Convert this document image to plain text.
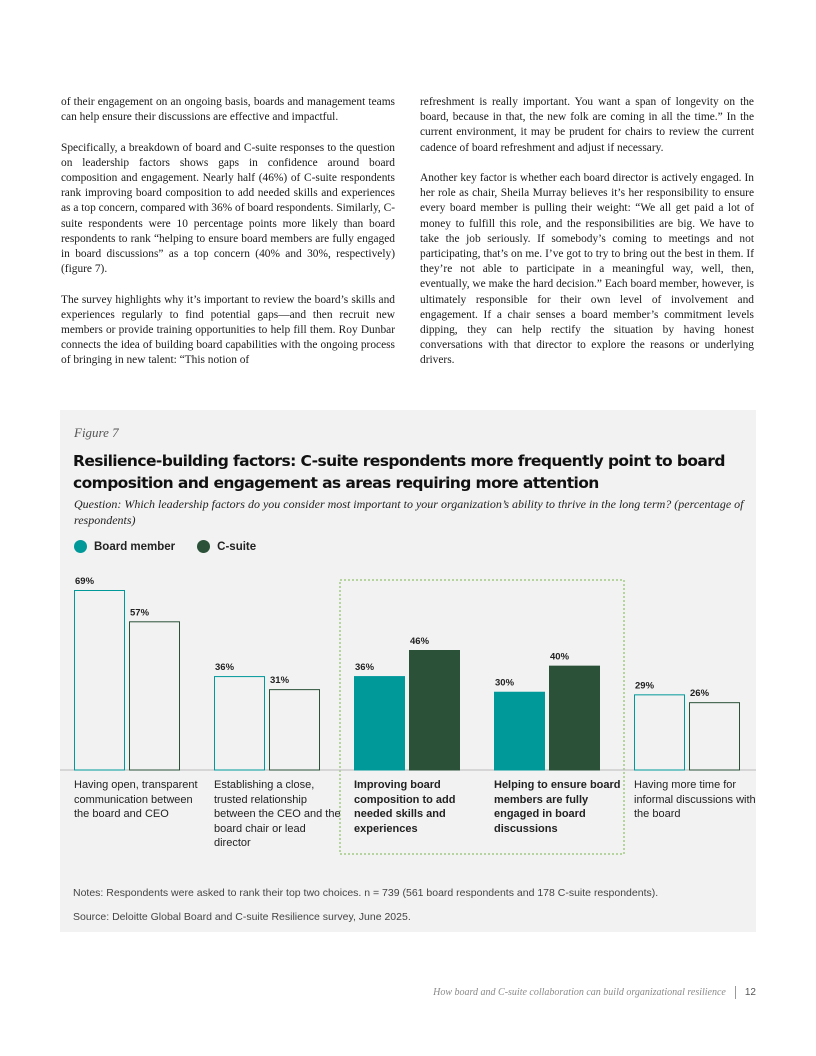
of their engagement on an ongoing basis, boards and management teams can help ensure their discussions are effective and impactful.

Specifically, a breakdown of board and C-suite responses to the question on leadership factors shows gaps in confidence around board composition and engagement. Nearly half (46%) of C-suite respondents rank improving board composition to add needed skills and experiences as a top concern, compared with 36% of board respondents. Similarly, C-suite respondents were 10 percentage points more likely than board respondents to rank “helping to ensure board members are fully engaged in board discussions” as a top concern (40% and 30%, respectively) (figure 7).

The survey highlights why it’s important to review the board’s skills and experiences regularly to find potential gaps—and then recruit new members or provide training opportunities to help fill them. Roy Dunbar connects the idea of building board capabilities with the ongoing process of bringing in new talent: “This notion of

refreshment is really important. You want a span of longevity on the board, because in that, the new folk are coming in all the time.” In the current environment, it may be prudent for chairs to review the current cadence of board refreshment and adjust if necessary.

Another key factor is whether each board director is actively engaged. In her role as chair, Sheila Murray believes it’s her responsibility to ensure every board member is pulling their weight: “We all get paid a lot of money to fulfill this role, and the responsibilities are big. We have to take the job seriously. If somebody’s coming to meetings and not participating, that’s on me. I’ve got to try to bring out the best in them. If they’re not able to participate in a meaningful way, well, then, eventually, we make the hard decision.” Each board member, however, is ultimately responsible for their own level of involvement and engagement. If a chair senses a board member’s commitment levels dipping, they can help rectify the situation by having honest conversations with that director to explore the reasons or underlying drivers.

Figure 7
Resilience-building factors: C-suite respondents more frequently point to board composition and engagement as areas requiring more attention
Question: Which leadership factors do you consider most important to your organization’s ability to thrive in the long term? (percentage of respondents)
Board member	C-suite
69%
57%
36%
31%
36%
46%
30%
40%
29%
26%
Having open, transparent communication between the board and CEO
Establishing a close, trusted relationship between the CEO and the board chair or lead director
Improving board composition to add needed skills and experiences
Helping to ensure board members are fully engaged in board discussions
Having more time for informal discussions with the board
Notes: Respondents were asked to rank their top two choices. n = 739 (561 board respondents and 178 C-suite respondents).
Source: Deloitte Global Board and C-suite Resilience survey, June 2025.
How board and C-suite collaboration can build organizational resilience 12
